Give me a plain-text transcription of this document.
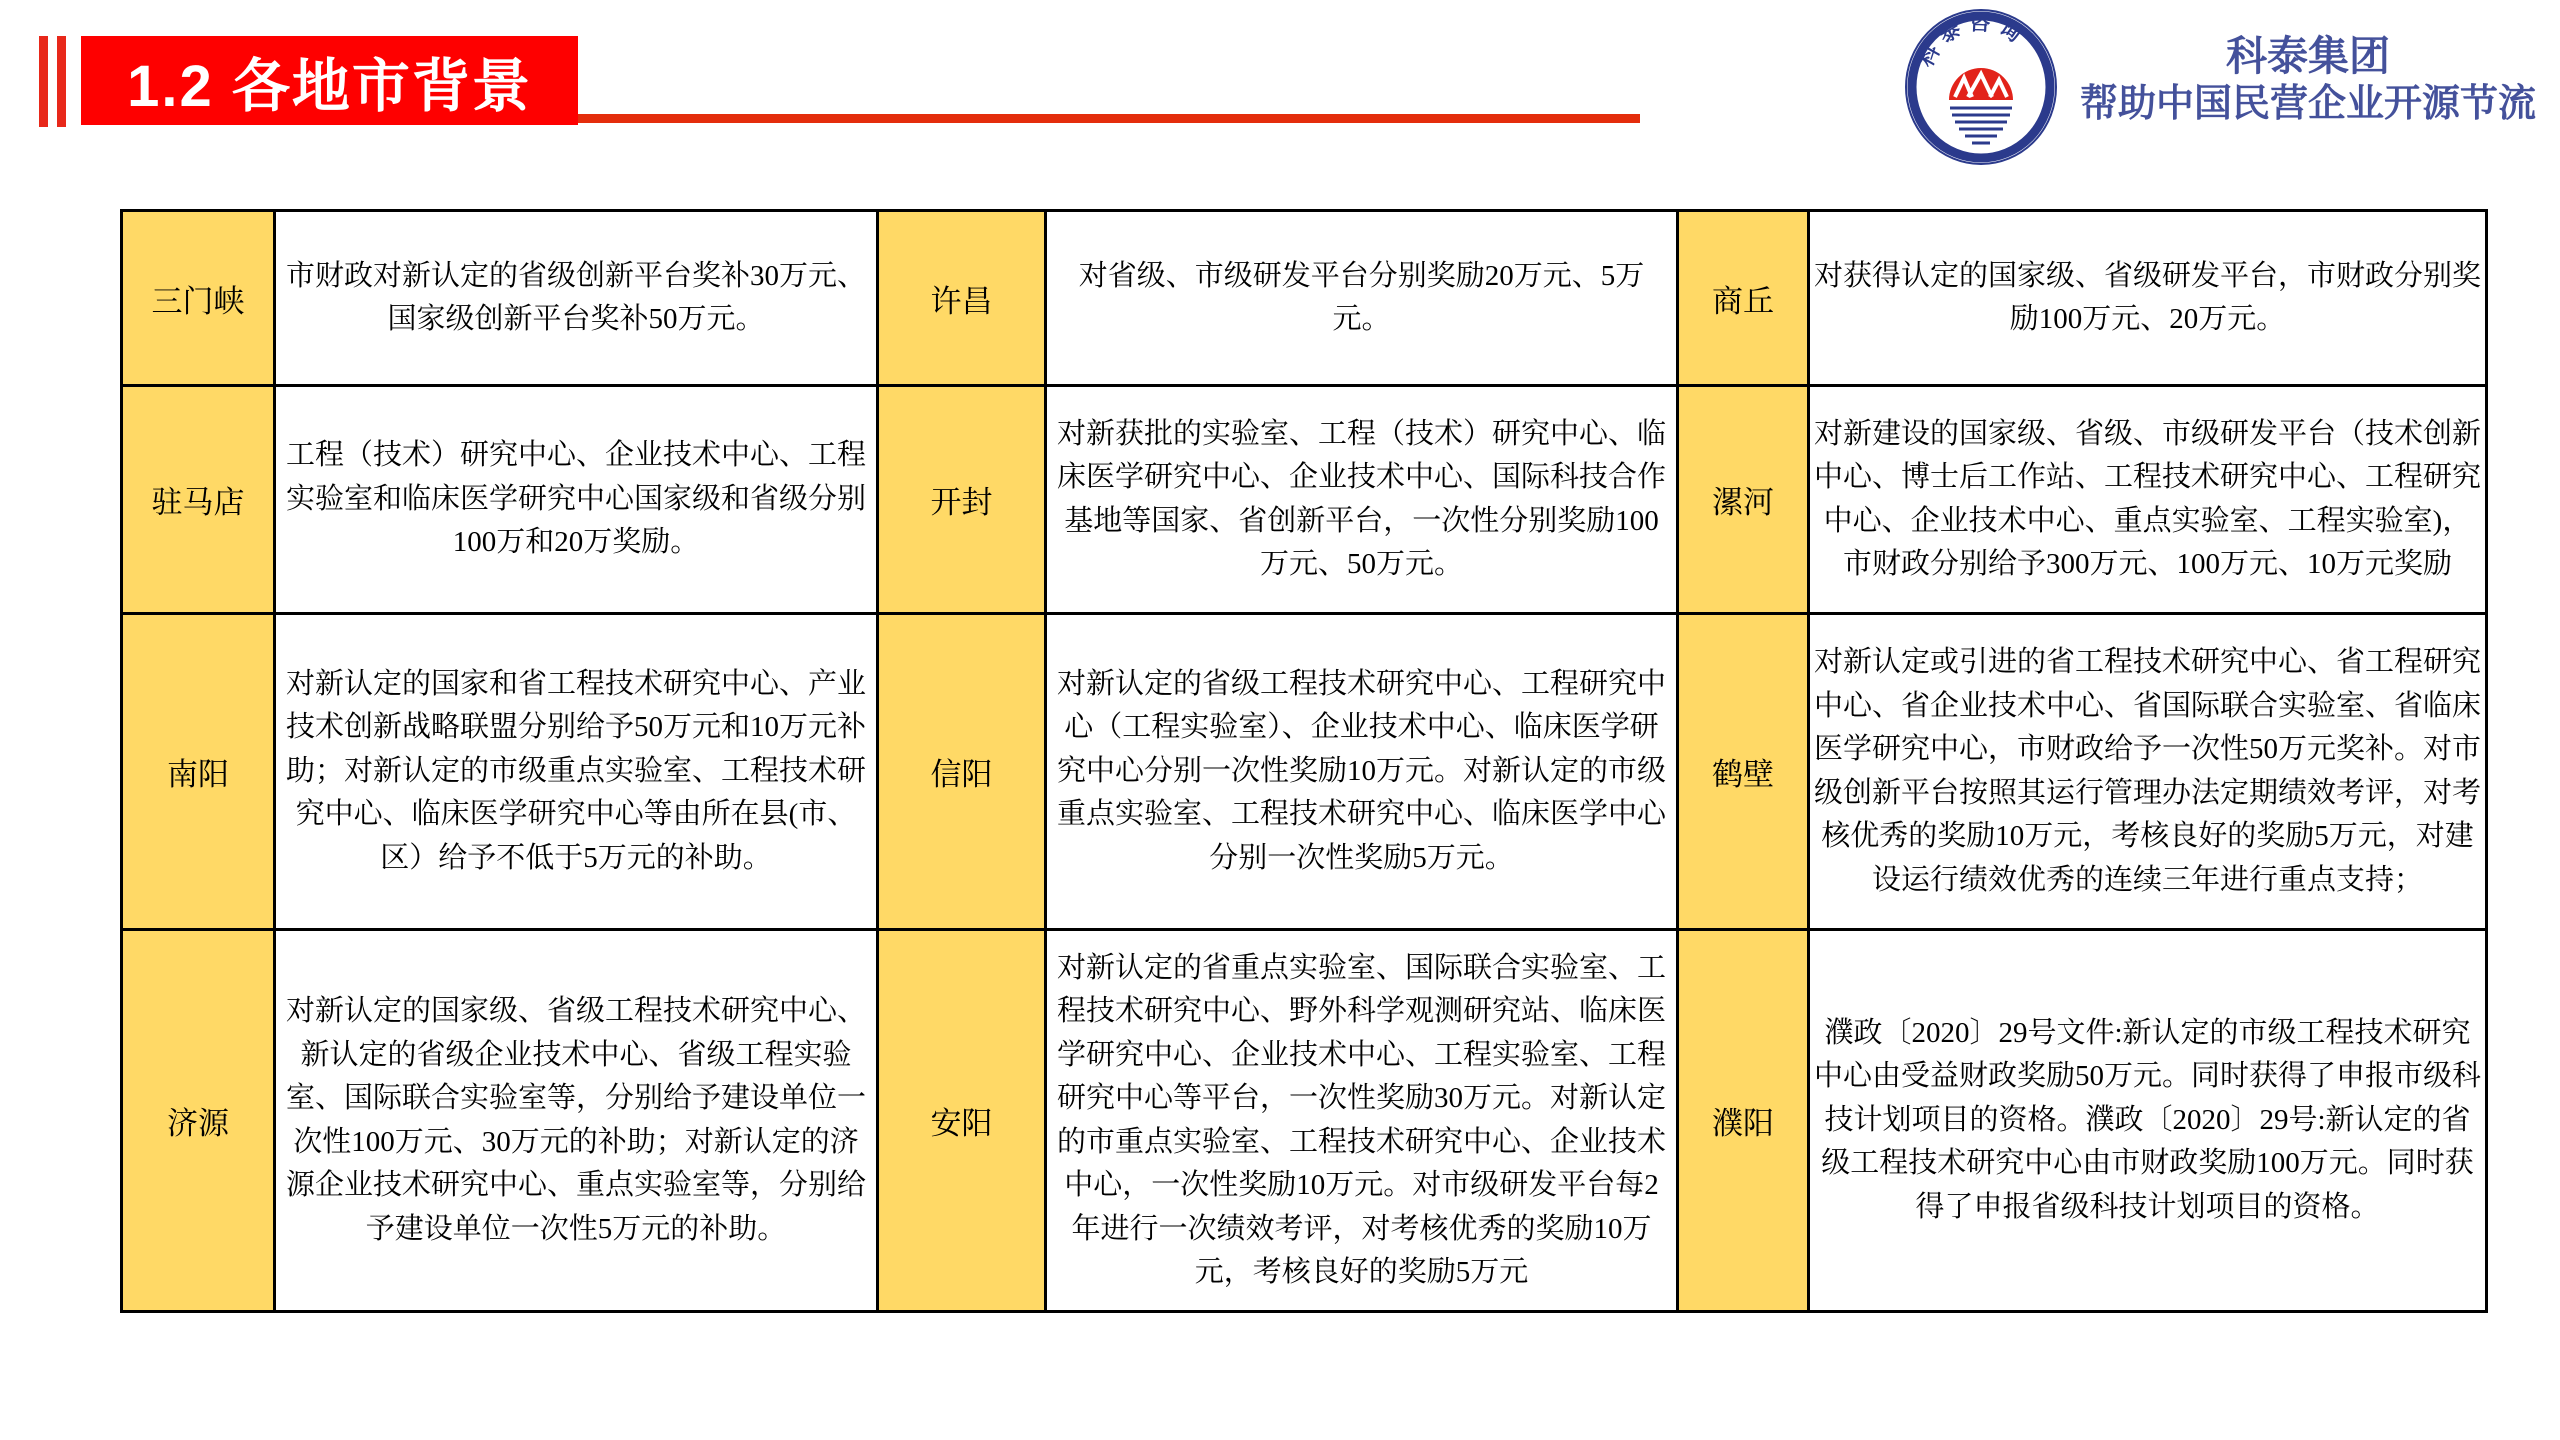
1.2 各地市背景
科泰咨询	科泰集团
帮助中国民营企业开源节流
三门峡	市财政对新认定的省级创新平台奖补30万元、国家级创新平台奖补50万元。	许昌	对省级、市级研发平台分别奖励20万元、5万元。	商丘	对获得认定的国家级、省级研发平台，市财政分别奖励100万元、20万元。
驻马店	工程（技术）研究中心、企业技术中心、工程实验室和临床医学研究中心国家级和省级分别100万和20万奖励。	开封	对新获批的实验室、工程（技术）研究中心、临床医学研究中心、企业技术中心、国际科技合作基地等国家、省创新平台，一次性分别奖励100万元、50万元。	漯河	对新建设的国家级、省级、市级研发平台（技术创新中心、博士后工作站、工程技术研究中心、工程研究中心、企业技术中心、重点实验室、工程实验室)，市财政分别给予300万元、100万元、10万元奖励
南阳	对新认定的国家和省工程技术研究中心、产业技术创新战略联盟分别给予50万元和10万元补助；对新认定的市级重点实验室、工程技术研究中心、临床医学研究中心等由所在县(市、区）给予不低于5万元的补助。	信阳	对新认定的省级工程技术研究中心、工程研究中心（工程实验室）、企业技术中心、临床医学研究中心分别一次性奖励10万元。对新认定的市级重点实验室、工程技术研究中心、临床医学中心分别一次性奖励5万元。	鹤壁	对新认定或引进的省工程技术研究中心、省工程研究中心、省企业技术中心、省国际联合实验室、省临床医学研究中心，市财政给予一次性50万元奖补。对市级创新平台按照其运行管理办法定期绩效考评，对考核优秀的奖励10万元，考核良好的奖励5万元，对建设运行绩效优秀的连续三年进行重点支持；
济源	对新认定的国家级、省级工程技术研究中心、新认定的省级企业技术中心、省级工程实验室、国际联合实验室等，分别给予建设单位一次性100万元、30万元的补助；对新认定的济源企业技术研究中心、重点实验室等，分别给予建设单位一次性5万元的补助。	安阳	对新认定的省重点实验室、国际联合实验室、工程技术研究中心、野外科学观测研究站、临床医学研究中心、企业技术中心、工程实验室、工程研究中心等平台，一次性奖励30万元。对新认定的市重点实验室、工程技术研究中心、企业技术中心，一次性奖励10万元。对市级研发平台每2年进行一次绩效考评，对考核优秀的奖励10万元，考核良好的奖励5万元	濮阳	濮政〔2020〕29号文件:新认定的市级工程技术研究中心由受益财政奖励50万元。同时获得了申报市级科技计划项目的资格。濮政〔2020〕29号:新认定的省级工程技术研究中心由市财政奖励100万元。同时获得了申报省级科技计划项目的资格。
